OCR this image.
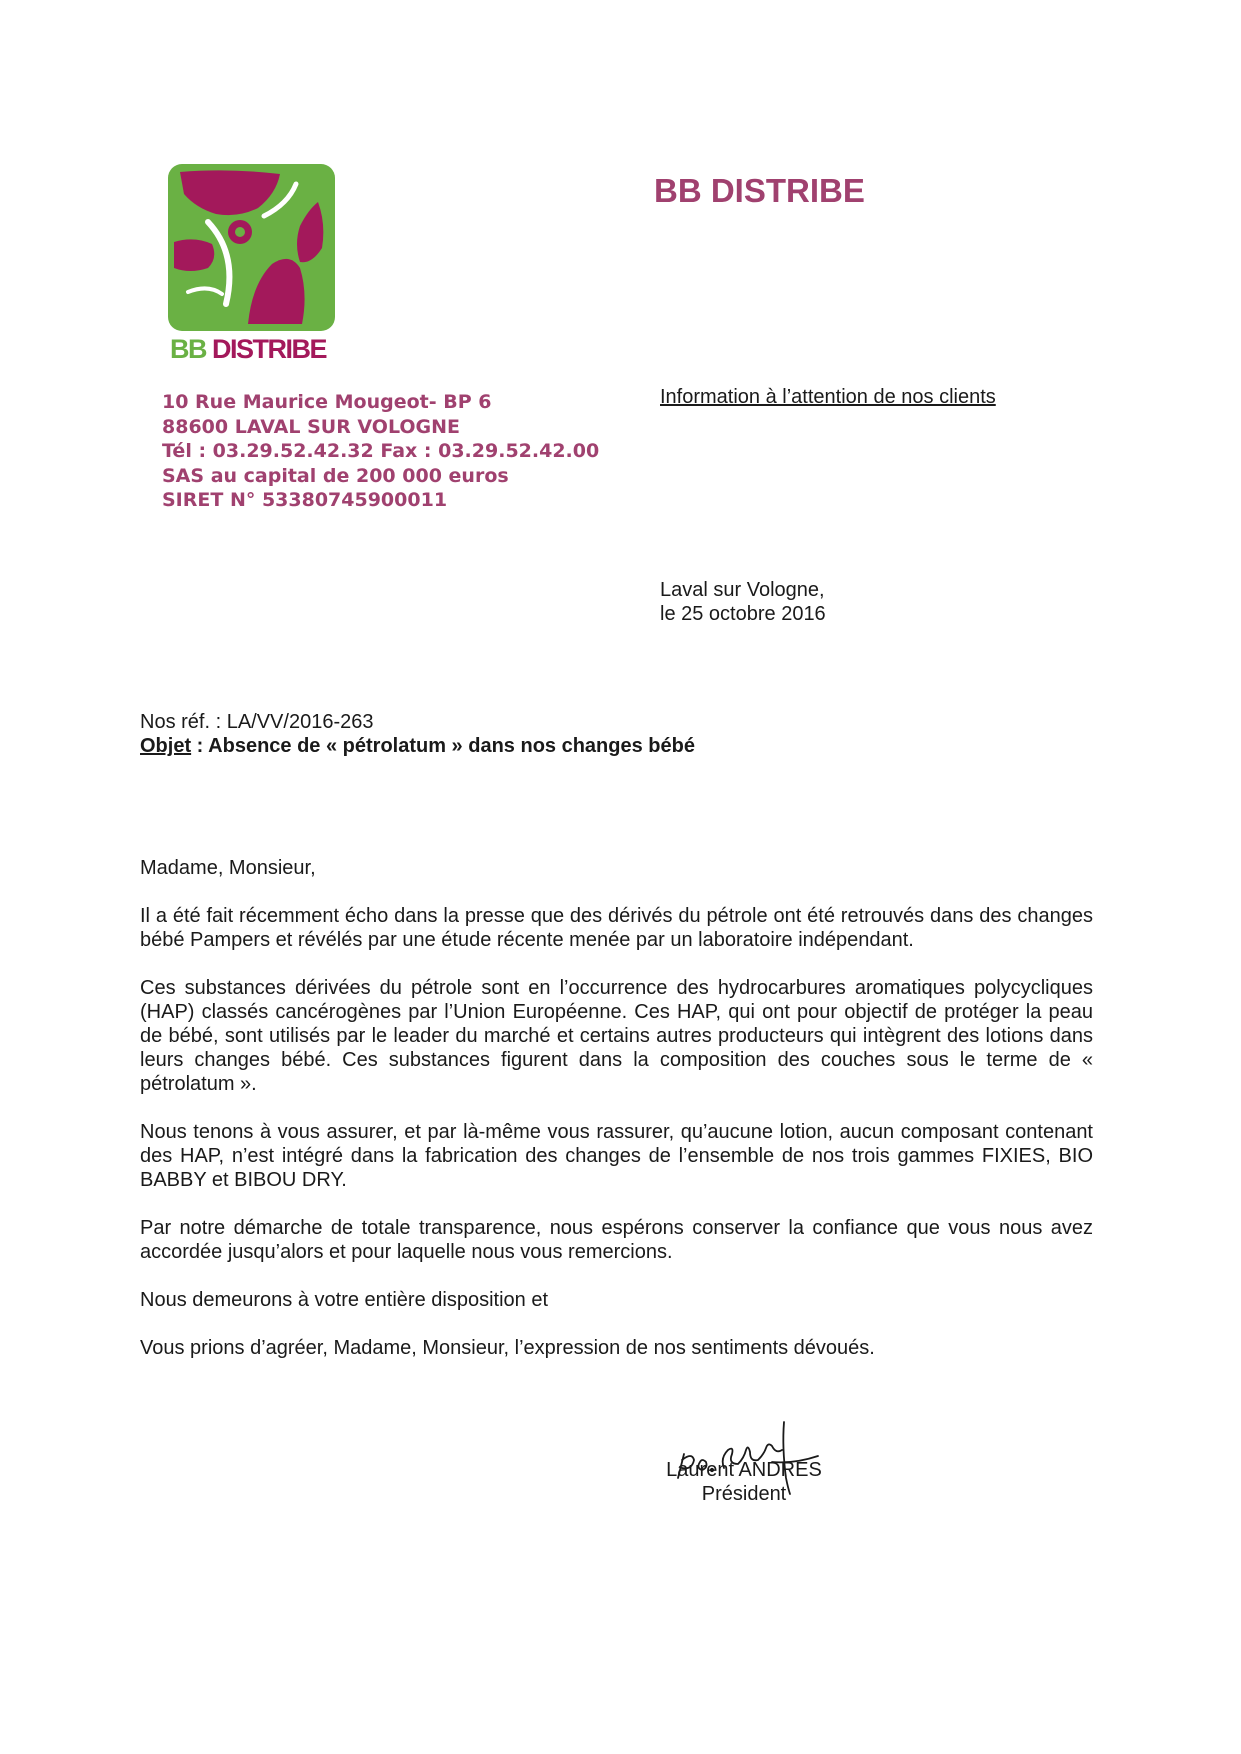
BB DISTRIBE
BB DISTRIBE
10 Rue Maurice Mougeot- BP 6
88600 LAVAL SUR VOLOGNE
Tél : 03.29.52.42.32 Fax : 03.29.52.42.00
SAS au capital de 200 000 euros
SIRET N° 53380745900011
Information à l’attention de nos clients
Laval sur Vologne,
le 25 octobre 2016
Nos réf. : LA/VV/2016-263
Objet : Absence de « pétrolatum » dans nos changes bébé

Madame, Monsieur,

Il a été fait récemment écho dans la presse que des dérivés du pétrole ont été retrouvés dans des changes bébé Pampers et révélés par une étude récente menée par un laboratoire indépendant.

Ces substances dérivées du pétrole sont en l’occurrence des hydrocarbures aromatiques polycycliques (HAP) classés cancérogènes par l’Union Européenne. Ces HAP, qui ont pour objectif de protéger la peau de bébé, sont utilisés par le leader du marché et certains autres producteurs qui intègrent des lotions dans leurs changes bébé. Ces substances figurent dans la composition des couches sous le terme de « pétrolatum ».

Nous tenons à vous assurer, et par là-même vous rassurer, qu’aucune lotion, aucun composant contenant des HAP, n’est intégré dans la fabrication des changes de l’ensemble de nos trois gammes FIXIES, BIO BABBY et BIBOU DRY.

Par notre démarche de totale transparence, nous espérons conserver la confiance que vous nous avez accordée jusqu’alors et pour laquelle nous vous remercions.

Nous demeurons à votre entière disposition et

Vous prions d’agréer, Madame, Monsieur, l’expression de nos sentiments dévoués.

Laurent ANDRES
Président
